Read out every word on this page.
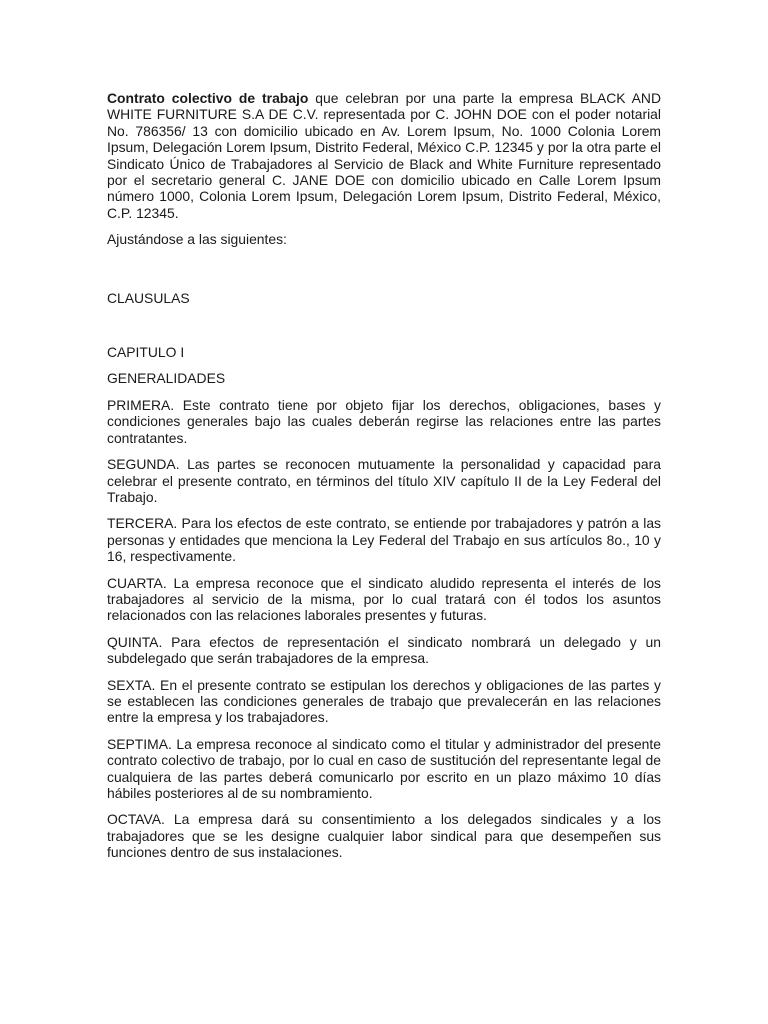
Contrato colectivo de trabajo que celebran por una parte la empresa BLACK AND WHITE FURNITURE S.A DE C.V. representada por C. JOHN DOE con el poder notarial No. 786356/ 13 con domicilio ubicado en Av. Lorem Ipsum, No. 1000 Colonia Lorem Ipsum, Delegación Lorem Ipsum, Distrito Federal, México C.P. 12345 y por la otra parte el Sindicato Único de Trabajadores al Servicio de Black and White Furniture representado por el secretario general C. JANE DOE con domicilio ubicado en Calle Lorem Ipsum número 1000, Colonia Lorem Ipsum, Delegación Lorem Ipsum, Distrito Federal, México, C.P. 12345.

Ajustándose a las siguientes:

CLAUSULAS

CAPITULO I

GENERALIDADES

PRIMERA. Este contrato tiene por objeto fijar los derechos, obligaciones, bases y condiciones generales bajo las cuales deberán regirse las relaciones entre las partes contratantes.

SEGUNDA. Las partes se reconocen mutuamente la personalidad y capacidad para celebrar el presente contrato, en términos del título XIV capítulo II de la Ley Federal del Trabajo.

TERCERA. Para los efectos de este contrato, se entiende por trabajadores y patrón a las personas y entidades que menciona la Ley Federal del Trabajo en sus artículos 8o., 10 y 16, respectivamente.

CUARTA. La empresa reconoce que el sindicato aludido representa el interés de los trabajadores al servicio de la misma, por lo cual tratará con él todos los asuntos relacionados con las relaciones laborales presentes y futuras.

QUINTA. Para efectos de representación el sindicato nombrará un delegado y un subdelegado que serán trabajadores de la empresa.

SEXTA. En el presente contrato se estipulan los derechos y obligaciones de las partes y se establecen las condiciones generales de trabajo que prevalecerán en las relaciones entre la empresa y los trabajadores.

SEPTIMA. La empresa reconoce al sindicato como el titular y administrador del presente contrato colectivo de trabajo, por lo cual en caso de sustitución del representante legal de cualquiera de las partes deberá comunicarlo por escrito en un plazo máximo 10 días hábiles posteriores al de su nombramiento.

OCTAVA. La empresa dará su consentimiento a los delegados sindicales y a los trabajadores que se les designe cualquier labor sindical para que desempeñen sus funciones dentro de sus instalaciones.
